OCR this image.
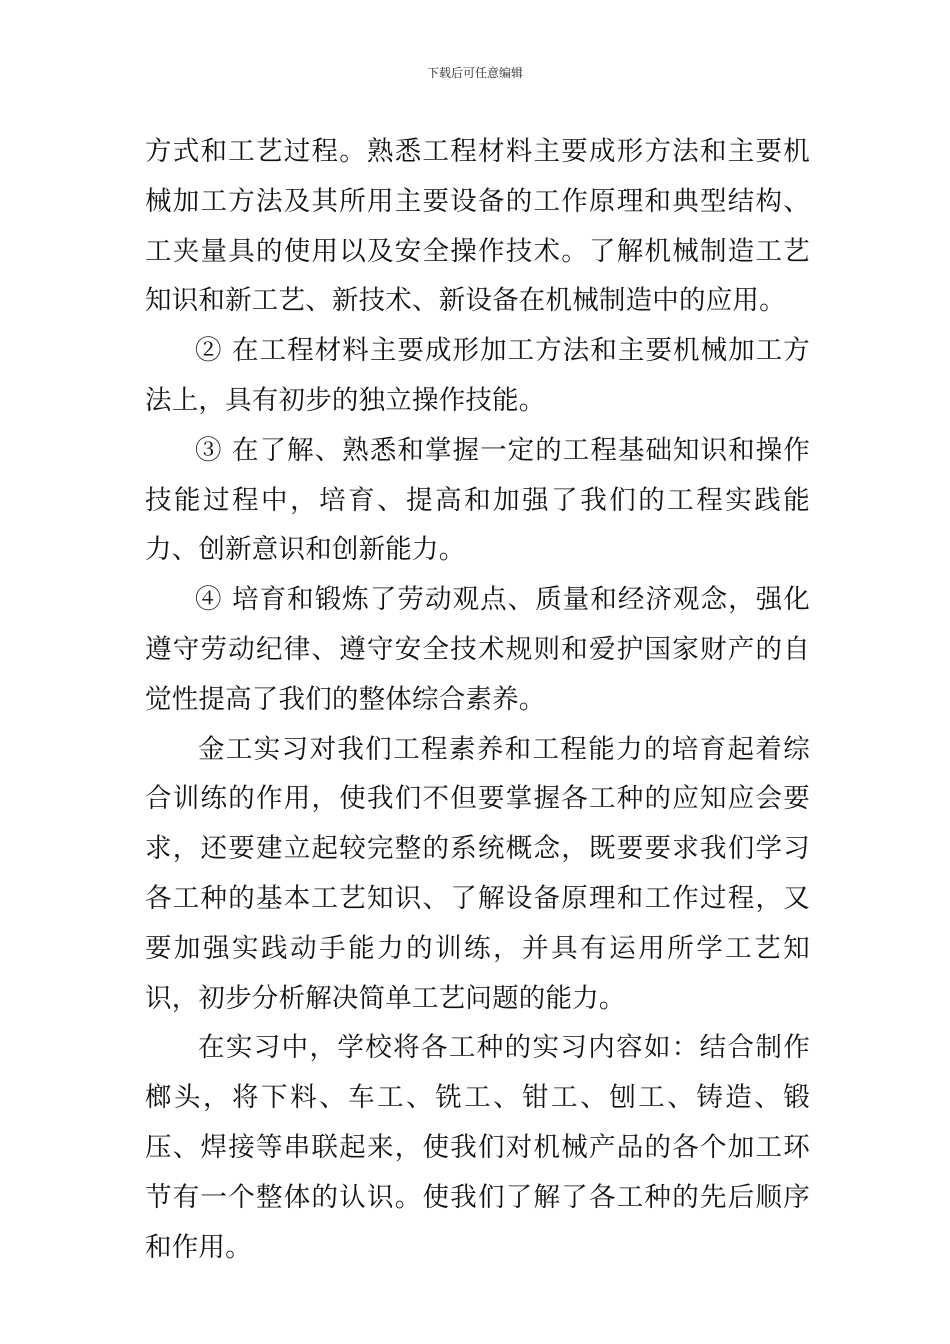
下载后可任意编辑

方式和工艺过程。熟悉工程材料主要成形方法和主要机械加工方法及其所用主要设备的工作原理和典型结构、工夹量具的使用以及安全操作技术。了解机械制造工艺知识和新工艺、新技术、新设备在机械制造中的应用。

② 在工程材料主要成形加工方法和主要机械加工方法上，具有初步的独立操作技能。

③ 在了解、熟悉和掌握一定的工程基础知识和操作技能过程中，培育、提高和加强了我们的工程实践能力、创新意识和创新能力。

④ 培育和锻炼了劳动观点、质量和经济观念，强化遵守劳动纪律、遵守安全技术规则和爱护国家财产的自觉性提高了我们的整体综合素养。

金工实习对我们工程素养和工程能力的培育起着综合训练的作用，使我们不但要掌握各工种的应知应会要求，还要建立起较完整的系统概念，既要要求我们学习各工种的基本工艺知识、了解设备原理和工作过程，又要加强实践动手能力的训练，并具有运用所学工艺知识，初步分析解决简单工艺问题的能力。

在实习中，学校将各工种的实习内容如：结合制作榔头，将下料、车工、铣工、钳工、刨工、铸造、锻压、焊接等串联起来，使我们对机械产品的各个加工环节有一个整体的认识。使我们了解了各工种的先后顺序和作用。
